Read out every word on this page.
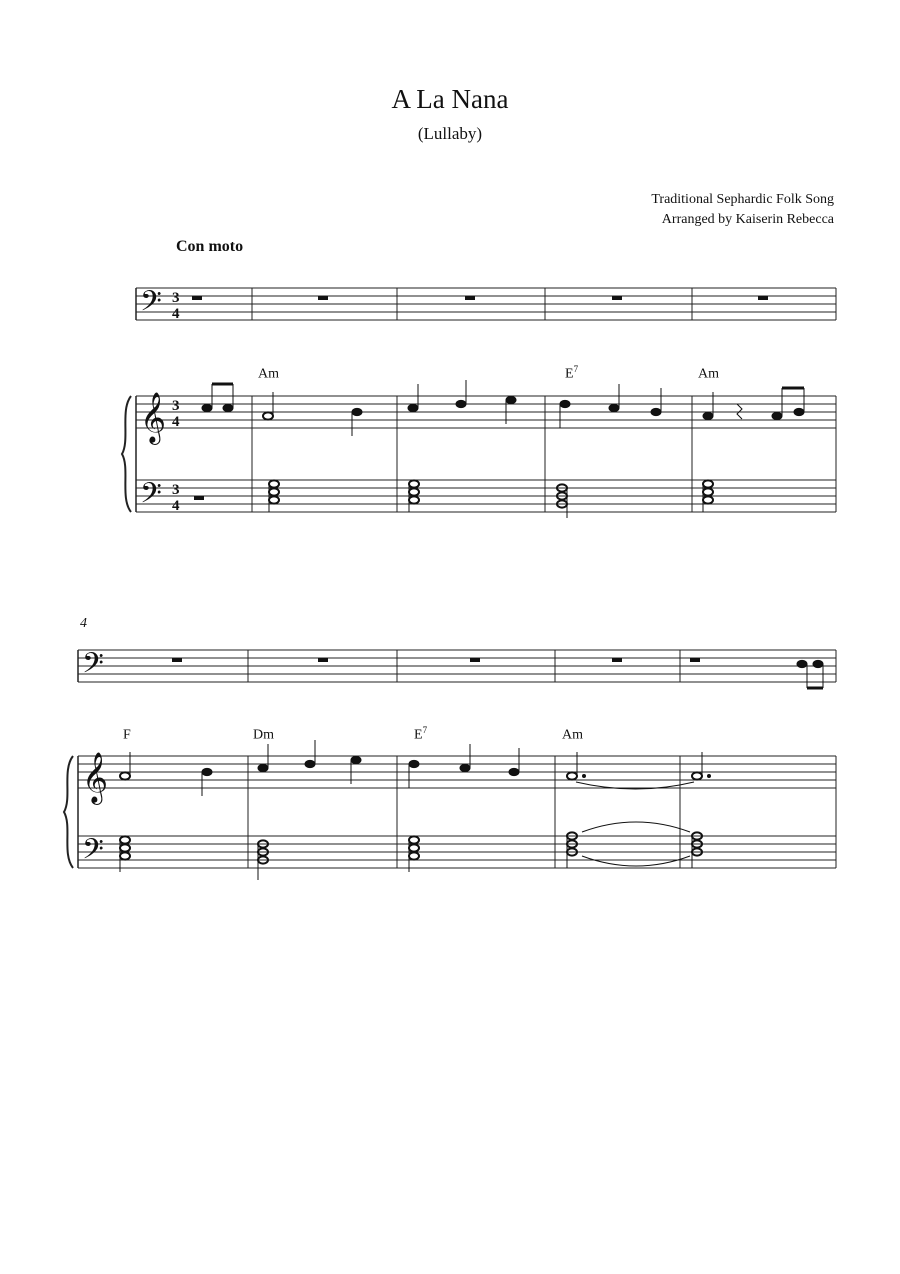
A La Nana
(Lullaby)
Traditional Sephardic Folk Song
Arranged by Kaiserin Rebecca
Con moto
4
Am	$E^7$	Am
F	Dm	$E^7$	Am
𝄢
𝄞
𝄢
𝄢
𝄞
𝄢
3
4
3
4
3
4
